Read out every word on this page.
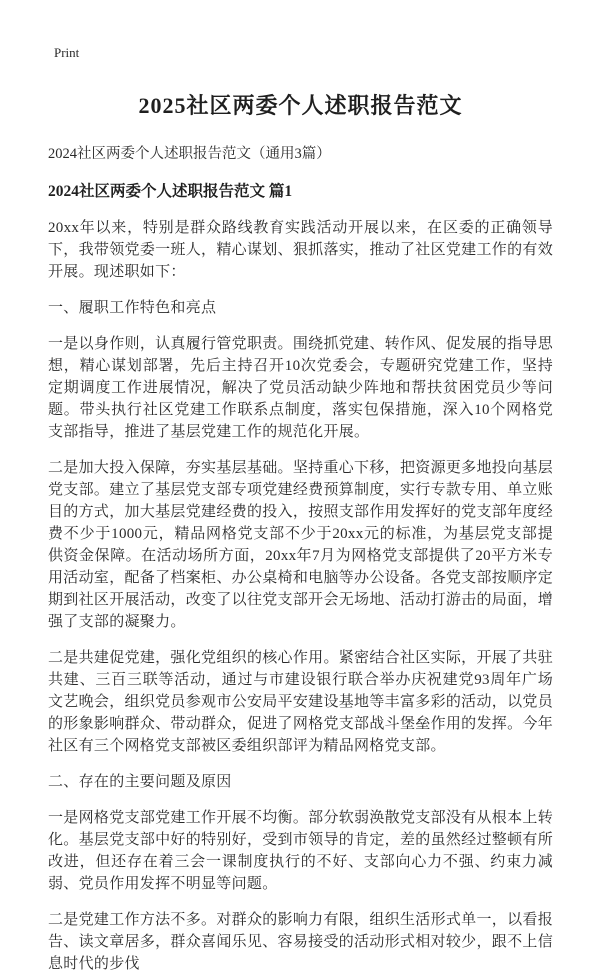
Print
2025社区两委个人述职报告范文

2024社区两委个人述职报告范文（通用3篇）

2024社区两委个人述职报告范文 篇1

20xx年以来，特别是群众路线教育实践活动开展以来，在区委的正确领导下，我带领党委一班人，精心谋划、狠抓落实，推动了社区党建工作的有效开展。现述职如下：

一、履职工作特色和亮点

一是以身作则，认真履行管党职责。围绕抓党建、转作风、促发展的指导思想，精心谋划部署，先后主持召开10次党委会，专题研究党建工作，坚持定期调度工作进展情况，解决了党员活动缺少阵地和帮扶贫困党员少等问题。带头执行社区党建工作联系点制度，落实包保措施，深入10个网格党支部指导，推进了基层党建工作的规范化开展。

二是加大投入保障，夯实基层基础。坚持重心下移，把资源更多地投向基层党支部。建立了基层党支部专项党建经费预算制度，实行专款专用、单立账目的方式，加大基层党建经费的投入，按照支部作用发挥好的党支部年度经费不少于1000元，精品网格党支部不少于20xx元的标准，为基层党支部提供资金保障。在活动场所方面，20xx年7月为网格党支部提供了20平方米专用活动室，配备了档案柜、办公桌椅和电脑等办公设备。各党支部按顺序定期到社区开展活动，改变了以往党支部开会无场地、活动打游击的局面，增强了支部的凝聚力。

二是共建促党建，强化党组织的核心作用。紧密结合社区实际，开展了共驻共建、三百三联等活动，通过与市建设银行联合举办庆祝建党93周年广场文艺晚会，组织党员参观市公安局平安建设基地等丰富多彩的活动，以党员的形象影响群众、带动群众，促进了网格党支部战斗堡垒作用的发挥。今年社区有三个网格党支部被区委组织部评为精品网格党支部。

二、存在的主要问题及原因

一是网格党支部党建工作开展不均衡。部分软弱涣散党支部没有从根本上转化。基层党支部中好的特别好，受到市领导的肯定，差的虽然经过整顿有所改进，但还存在着三会一课制度执行的不好、支部向心力不强、约束力减弱、党员作用发挥不明显等问题。

二是党建工作方法不多。对群众的影响力有限，组织生活形式单一，以看报告、读文章居多，群众喜闻乐见、容易接受的活动形式相对较少，跟不上信息时代的步伐
